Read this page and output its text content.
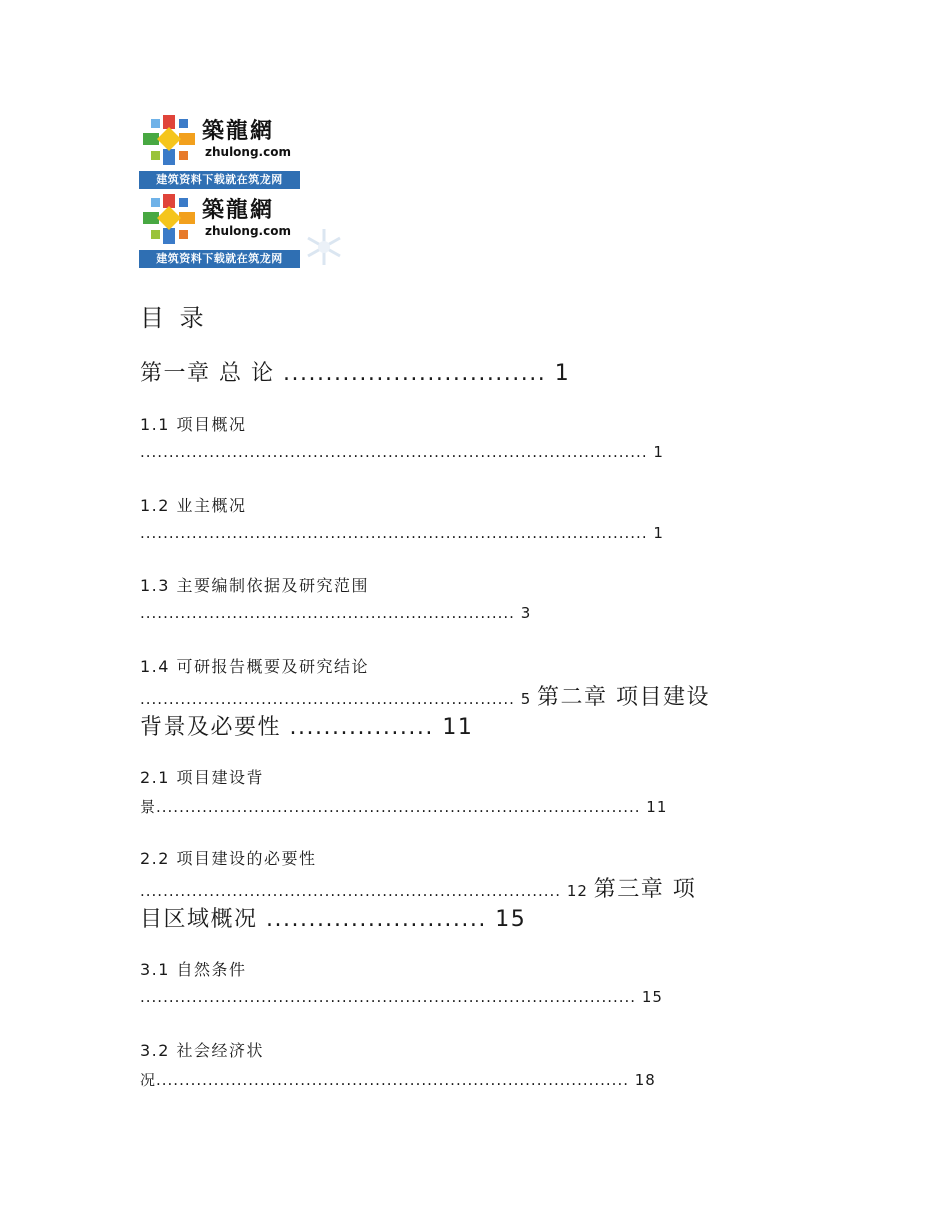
築龍網
zhulong.com
建筑资料下载就在筑龙网
築龍網
zhulong.com
建筑资料下载就在筑龙网
目 录
第一章 总 论 ............................... 1
1.1 项目概况
........................................................................................ 1
1.2 业主概况
........................................................................................ 1
1.3 主要编制依据及研究范围
................................................................. 3
1.4 可研报告概要及研究结论
................................................................. 5 第二章 项目建设
背景及必要性 ................. 11
2.1 项目建设背
景.................................................................................... 11
2.2 项目建设的必要性
......................................................................... 12 第三章 项
目区域概况 .......................... 15
3.1 自然条件
...................................................................................... 15
3.2 社会经济状
况.................................................................................. 18
